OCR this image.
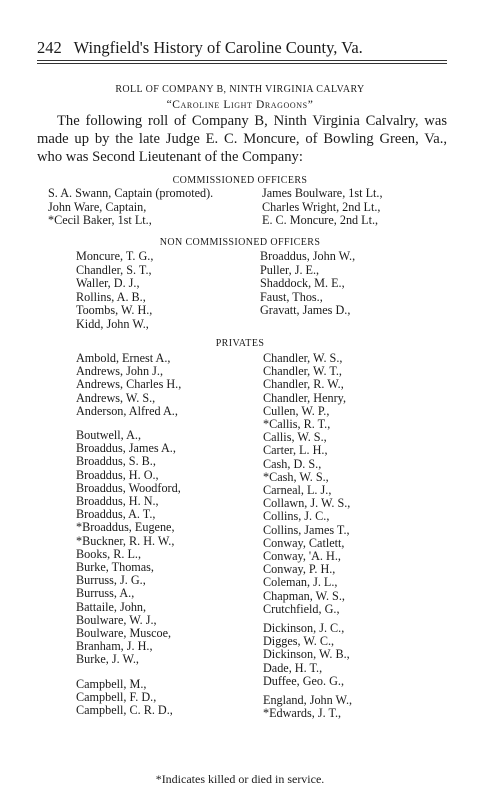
242 Wingfield's History of Caroline County, Va.
ROLL OF COMPANY B, NINTH VIRGINIA CALVARY
“Caroline Light Dragoons”

The following roll of Company B, Ninth Virginia Calvalry, was made up by the late Judge E. C. Moncure, of Bowling Green, Va., who was Second Lieutenant of the Company:

COMMISSIONED OFFICERS
S. A. Swann, Captain (promoted).
John Ware, Captain,
*Cecil Baker, 1st Lt.,
James Boulware, 1st Lt.,
Charles Wright, 2nd Lt.,
E. C. Moncure, 2nd Lt.,
NON COMMISSIONED OFFICERS
Moncure, T. G.,
Chandler, S. T.,
Waller, D. J.,
Rollins, A. B.,
Toombs, W. H.,
Kidd, John W.,
Broaddus, John W.,
Puller, J. E.,
Shaddock, M. E.,
Faust, Thos.,
Gravatt, James D.,
PRIVATES
Ambold, Ernest A.,
Andrews, John J.,
Andrews, Charles H.,
Andrews, W. S.,
Anderson, Alfred A.,
Boutwell, A.,
Broaddus, James A.,
Broaddus, S. B.,
Broaddus, H. O.,
Broaddus, Woodford,
Broaddus, H. N.,
Broaddus, A. T.,
*Broaddus, Eugene,
*Buckner, R. H. W.,
Books, R. L.,
Burke, Thomas,
Burruss, J. G.,
Burruss, A.,
Battaile, John,
Boulware, W. J.,
Boulware, Muscoe,
Branham, J. H.,
Burke, J. W.,
Campbell, M.,
Campbell, F. D.,
Campbell, C. R. D.,
Chandler, W. S.,
Chandler, W. T.,
Chandler, R. W.,
Chandler, Henry,
Cullen, W. P.,
*Callis, R. T.,
Callis, W. S.,
Carter, L. H.,
Cash, D. S.,
*Cash, W. S.,
Carneal, L. J.,
Collawn, J. W. S.,
Collins, J. C.,
Collins, James T.,
Conway, Catlett,
Conway, 'A. H.,
Conway, P. H.,
Coleman, J. L.,
Chapman, W. S.,
Crutchfield, G.,
Dickinson, J. C.,
Digges, W. C.,
Dickinson, W. B.,
Dade, H. T.,
Duffee, Geo. G.,
England, John W.,
*Edwards, J. T.,
*Indicates killed or died in service.
